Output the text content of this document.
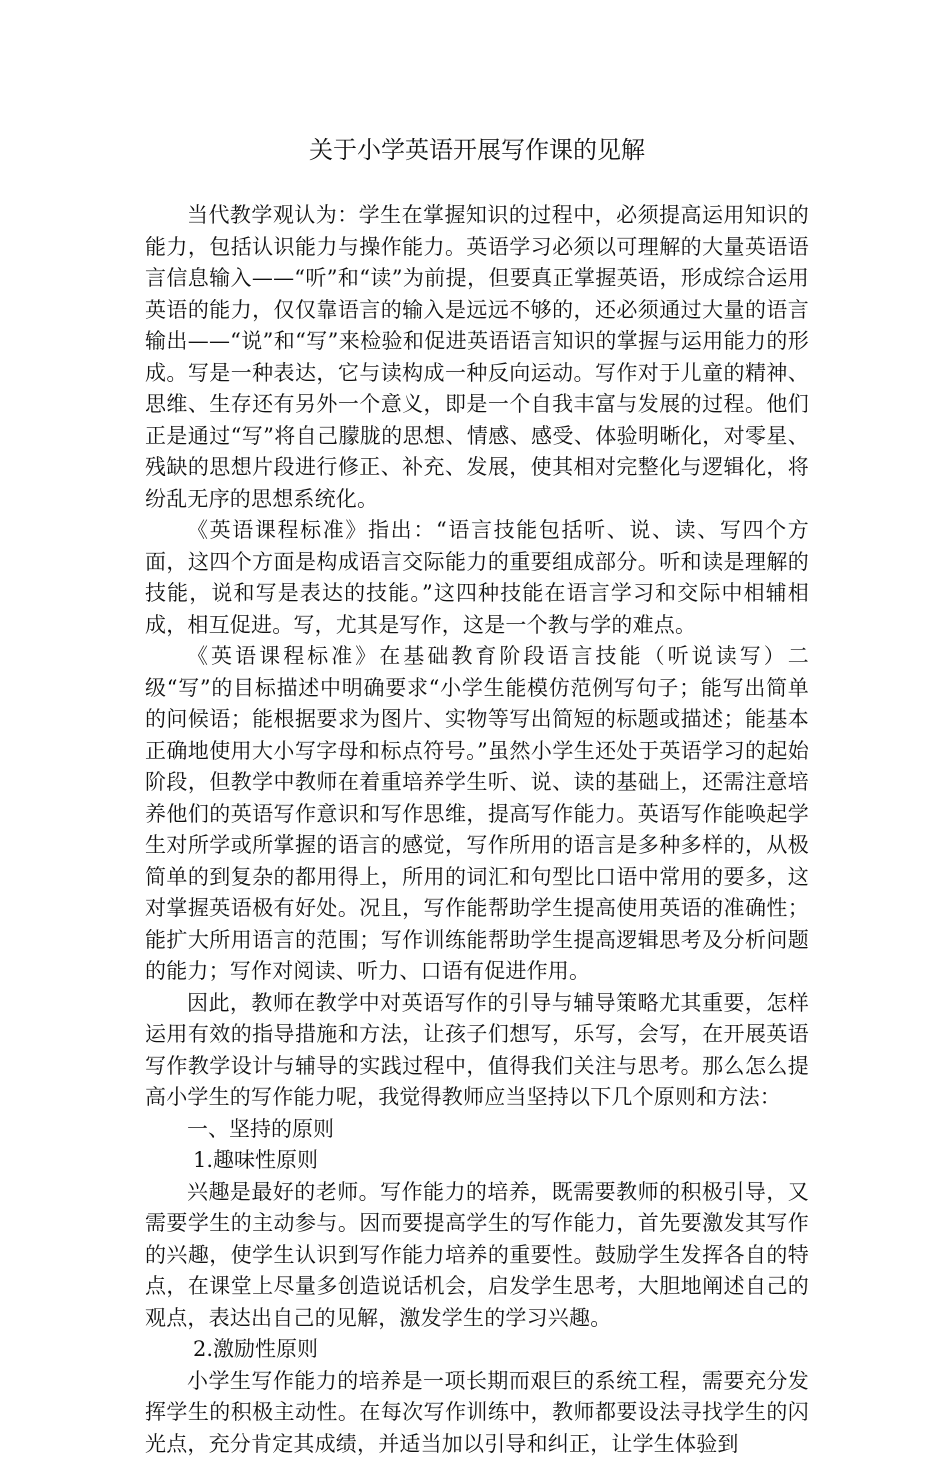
关于小学英语开展写作课的见解

当代教学观认为：学生在掌握知识的过程中，必须提高运用知识的能力，包括认识能力与操作能力。英语学习必须以可理解的大量英语语言信息输入——“听”和“读”为前提，但要真正掌握英语，形成综合运用英语的能力，仅仅靠语言的输入是远远不够的，还必须通过大量的语言输出——“说”和“写”来检验和促进英语语言知识的掌握与运用能力的形成。写是一种表达，它与读构成一种反向运动。写作对于儿童的精神、思维、生存还有另外一个意义，即是一个自我丰富与发展的过程。他们正是通过“写”将自己朦胧的思想、情感、感受、体验明晰化，对零星、残缺的思想片段进行修正、补充、发展，使其相对完整化与逻辑化，将纷乱无序的思想系统化。

《英语课程标准》指出：“语言技能包括听、说、读、写四个方面，这四个方面是构成语言交际能力的重要组成部分。听和读是理解的技能，说和写是表达的技能。”这四种技能在语言学习和交际中相辅相成，相互促进。写，尤其是写作，这是一个教与学的难点。

《英语课程标准》在基础教育阶段语言技能（听说读写）二级“写”的目标描述中明确要求“小学生能模仿范例写句子；能写出简单的问候语；能根据要求为图片、实物等写出简短的标题或描述；能基本正确地使用大小写字母和标点符号。”虽然小学生还处于英语学习的起始阶段，但教学中教师在着重培养学生听、说、读的基础上，还需注意培养他们的英语写作意识和写作思维，提高写作能力。英语写作能唤起学生对所学或所掌握的语言的感觉，写作所用的语言是多种多样的，从极简单的到复杂的都用得上，所用的词汇和句型比口语中常用的要多，这对掌握英语极有好处。况且，写作能帮助学生提高使用英语的准确性；能扩大所用语言的范围；写作训练能帮助学生提高逻辑思考及分析问题的能力；写作对阅读、听力、口语有促进作用。

因此，教师在教学中对英语写作的引导与辅导策略尤其重要，怎样运用有效的指导措施和方法，让孩子们想写，乐写，会写，在开展英语写作教学设计与辅导的实践过程中，值得我们关注与思考。那么怎么提高小学生的写作能力呢，我觉得教师应当坚持以下几个原则和方法：

一、坚持的原则

1.趣味性原则

兴趣是最好的老师。写作能力的培养，既需要教师的积极引导，又需要学生的主动参与。因而要提高学生的写作能力，首先要激发其写作的兴趣，使学生认识到写作能力培养的重要性。鼓励学生发挥各自的特点，在课堂上尽量多创造说话机会，启发学生思考，大胆地阐述自己的观点，表达出自己的见解，激发学生的学习兴趣。

2.激励性原则

小学生写作能力的培养是一项长期而艰巨的系统工程，需要充分发挥学生的积极主动性。在每次写作训练中，教师都要设法寻找学生的闪光点，充分肯定其成绩，并适当加以引导和纠正，让学生体验到
